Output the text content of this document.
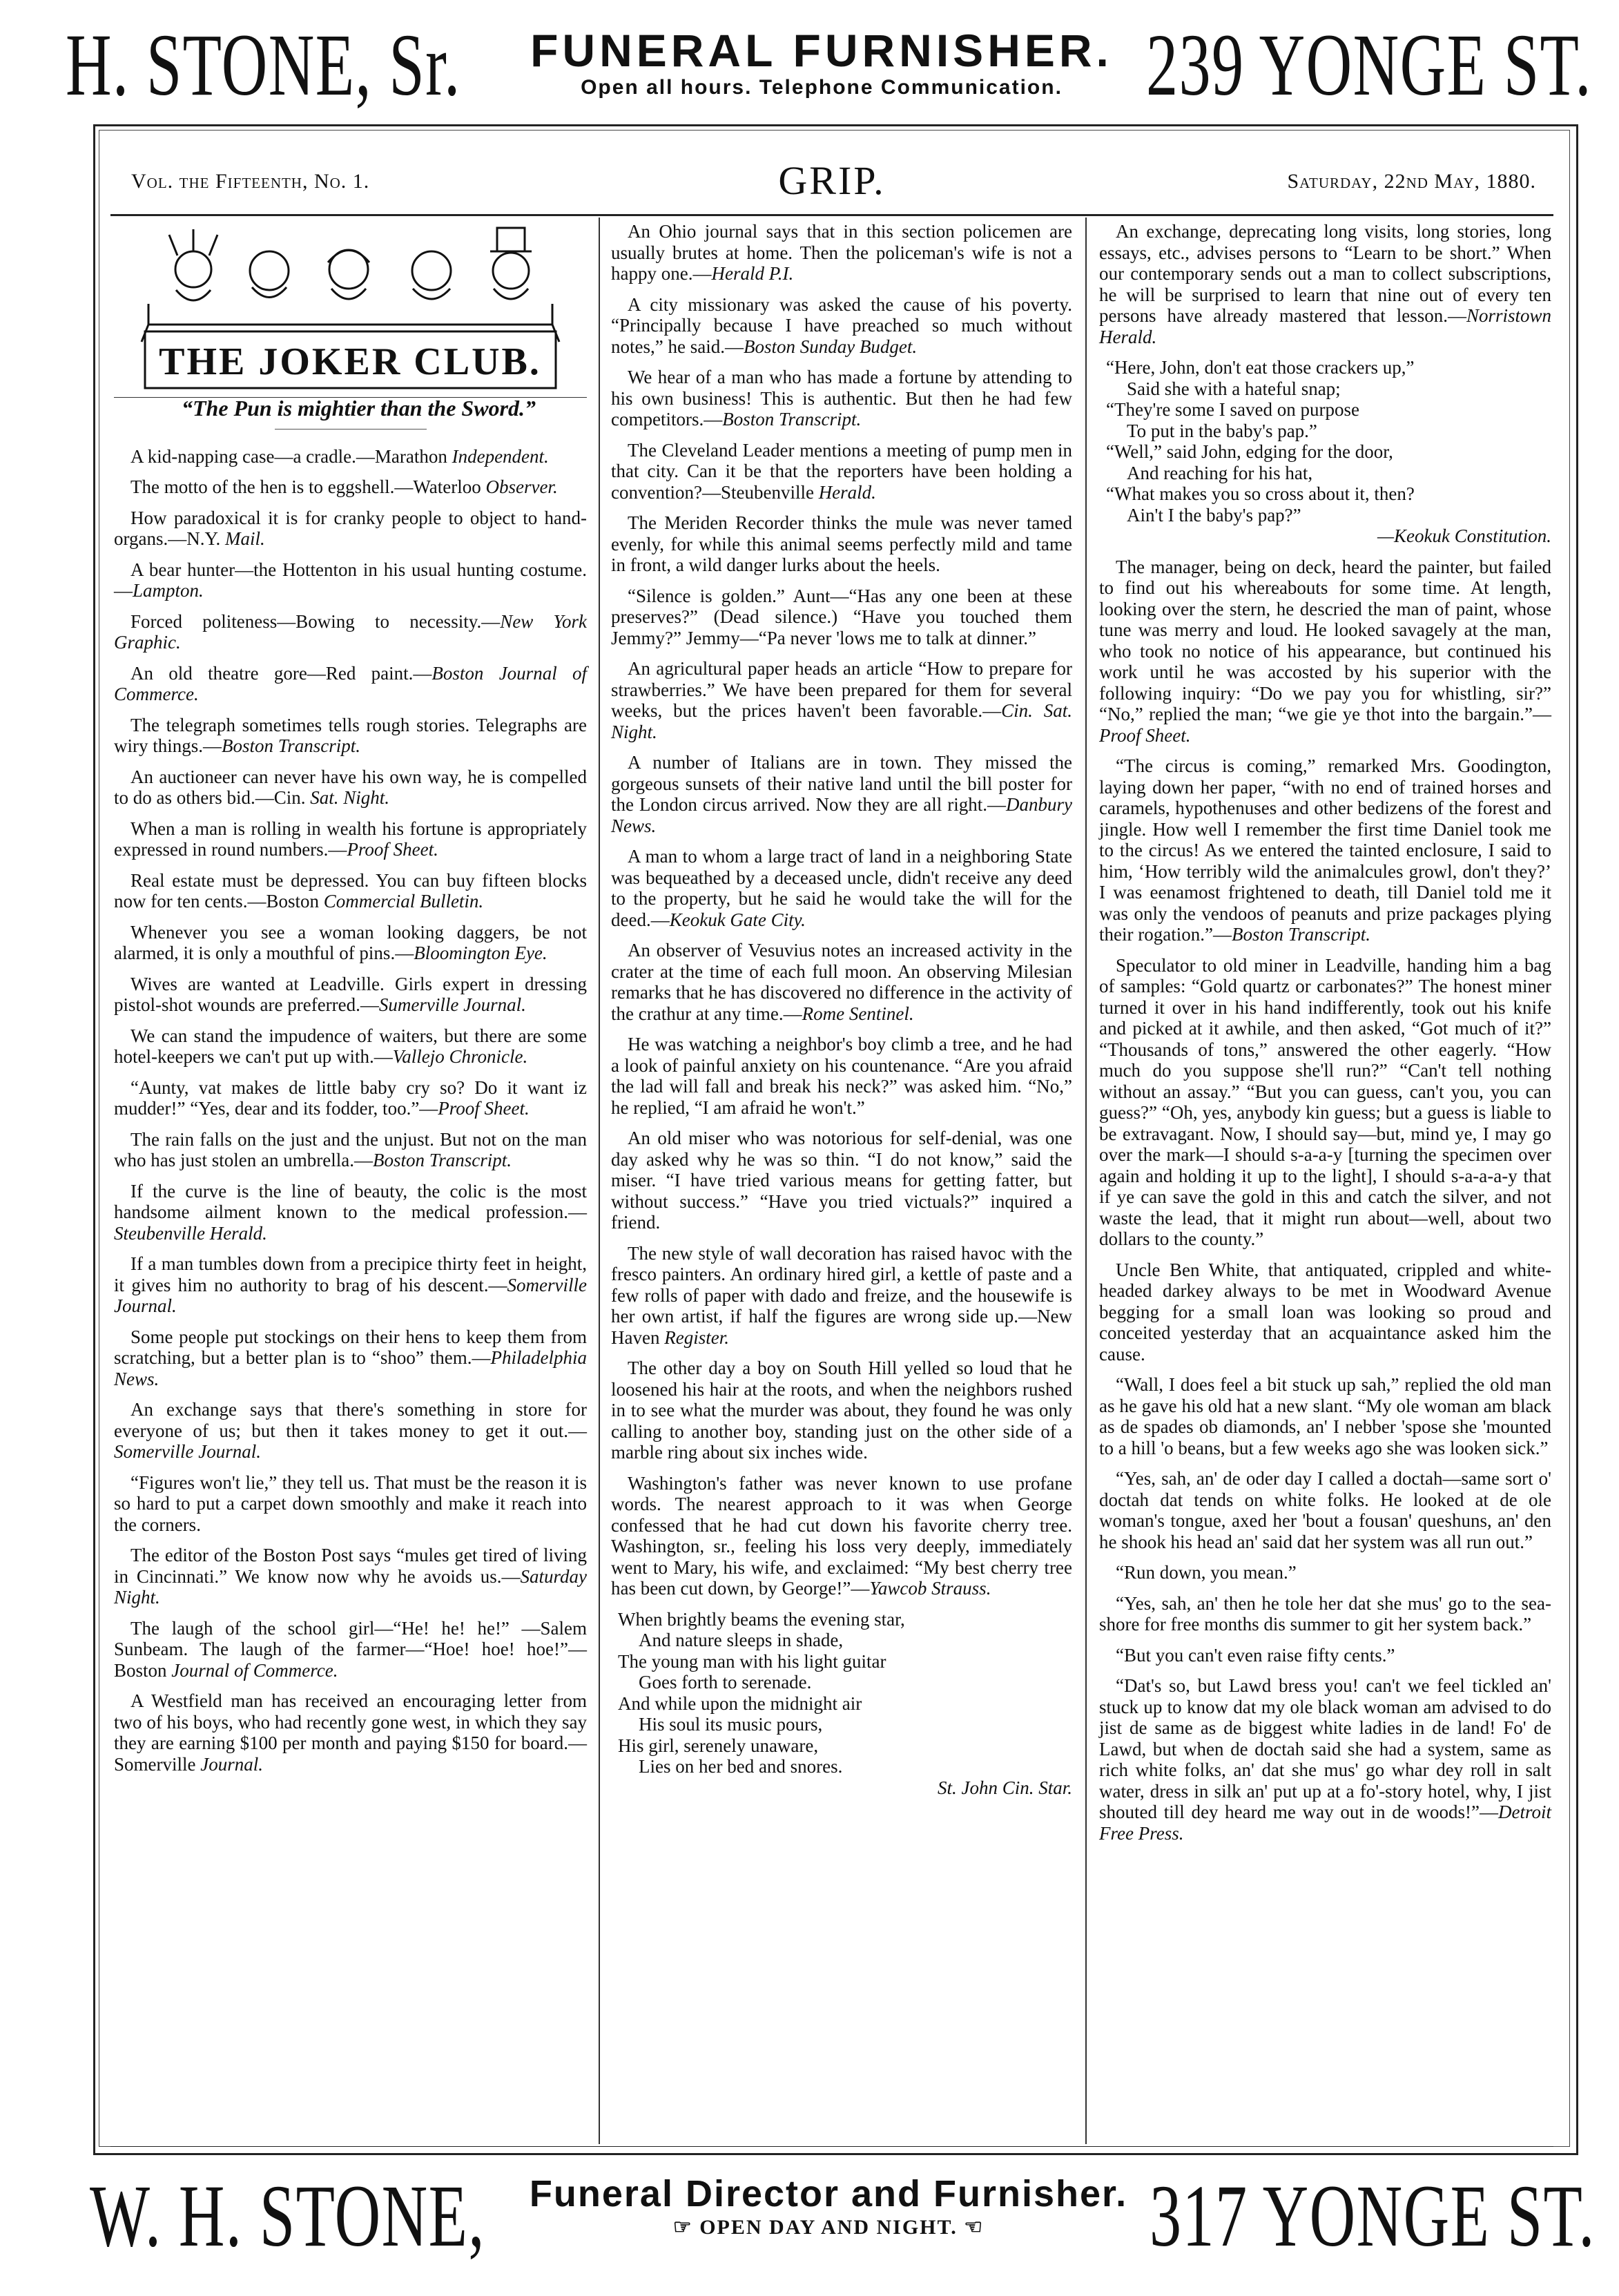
H. STONE, Sr.	FUNERAL FURNISHER.
Open all hours. Telephone Communication. 239 YONGE ST.
Vol. the Fifteenth, No. 1.	GRIP.	Saturday, 22nd May, 1880.
THE JOKER CLUB.

“The Pun is mightier than the Sword.”

A kid-napping case—a cradle.—Marathon Independent.

The motto of the hen is to eggshell.—Waterloo Observer.

How paradoxical it is for cranky people to object to hand-organs.—N.Y. Mail.

A bear hunter—the Hottenton in his usual hunting costume.—Lampton.

Forced politeness—Bowing to necessity.—New York Graphic.

An old theatre gore—Red paint.—Boston Journal of Commerce.

The telegraph sometimes tells rough stories. Telegraphs are wiry things.—Boston Transcript.

An auctioneer can never have his own way, he is compelled to do as others bid.—Cin. Sat. Night.

When a man is rolling in wealth his fortune is appropriately expressed in round numbers.—Proof Sheet.

Real estate must be depressed. You can buy fifteen blocks now for ten cents.—Boston Commercial Bulletin.

Whenever you see a woman looking daggers, be not alarmed, it is only a mouthful of pins.—Bloomington Eye.

Wives are wanted at Leadville. Girls expert in dressing pistol-shot wounds are preferred.—Sumerville Journal.

We can stand the impudence of waiters, but there are some hotel-keepers we can't put up with.—Vallejo Chronicle.

“Aunty, vat makes de little baby cry so? Do it want iz mudder!” “Yes, dear and its fodder, too.”—Proof Sheet.

The rain falls on the just and the unjust. But not on the man who has just stolen an umbrella.—Boston Transcript.

If the curve is the line of beauty, the colic is the most handsome ailment known to the medical profession.—Steubenville Herald.

If a man tumbles down from a precipice thirty feet in height, it gives him no authority to brag of his descent.—Somerville Journal.

Some people put stockings on their hens to keep them from scratching, but a better plan is to “shoo” them.—Philadelphia News.

An exchange says that there's something in store for everyone of us; but then it takes money to get it out.—Somerville Journal.

“Figures won't lie,” they tell us. That must be the reason it is so hard to put a carpet down smoothly and make it reach into the corners.

The editor of the Boston Post says “mules get tired of living in Cincinnati.” We know now why he avoids us.—Saturday Night.

The laugh of the school girl—“He! he! he!” —Salem Sunbeam. The laugh of the farmer—“Hoe! hoe! hoe!”—Boston Journal of Commerce.

A Westfield man has received an encouraging letter from two of his boys, who had recently gone west, in which they say they are earning $100 per month and paying $150 for board.—Somerville Journal.

An Ohio journal says that in this section policemen are usually brutes at home. Then the policeman's wife is not a happy one.—Herald P.I.

A city missionary was asked the cause of his poverty. “Principally because I have preached so much without notes,” he said.—Boston Sunday Budget.

We hear of a man who has made a fortune by attending to his own business! This is authentic. But then he had few competitors.—Boston Transcript.

The Cleveland Leader mentions a meeting of pump men in that city. Can it be that the reporters have been holding a convention?—Steubenville Herald.

The Meriden Recorder thinks the mule was never tamed evenly, for while this animal seems perfectly mild and tame in front, a wild danger lurks about the heels.

“Silence is golden.” Aunt—“Has any one been at these preserves?” (Dead silence.) “Have you touched them Jemmy?” Jemmy—“Pa never 'lows me to talk at dinner.”

An agricultural paper heads an article “How to prepare for strawberries.” We have been prepared for them for several weeks, but the prices haven't been favorable.—Cin. Sat. Night.

A number of Italians are in town. They missed the gorgeous sunsets of their native land until the bill poster for the London circus arrived. Now they are all right.—Danbury News.

A man to whom a large tract of land in a neighboring State was bequeathed by a deceased uncle, didn't receive any deed to the property, but he said he would take the will for the deed.—Keokuk Gate City.

An observer of Vesuvius notes an increased activity in the crater at the time of each full moon. An observing Milesian remarks that he has discovered no difference in the activity of the crathur at any time.—Rome Sentinel.

He was watching a neighbor's boy climb a tree, and he had a look of painful anxiety on his countenance. “Are you afraid the lad will fall and break his neck?” was asked him. “No,” he replied, “I am afraid he won't.”

An old miser who was notorious for self-denial, was one day asked why he was so thin. “I do not know,” said the miser. “I have tried various means for getting fatter, but without success.” “Have you tried victuals?” inquired a friend.

The new style of wall decoration has raised havoc with the fresco painters. An ordinary hired girl, a kettle of paste and a few rolls of paper with dado and freize, and the housewife is her own artist, if half the figures are wrong side up.—New Haven Register.

The other day a boy on South Hill yelled so loud that he loosened his hair at the roots, and when the neighbors rushed in to see what the murder was about, they found he was only calling to another boy, standing just on the other side of a marble ring about six inches wide.

Washington's father was never known to use profane words. The nearest approach to it was when George confessed that he had cut down his favorite cherry tree. Washington, sr., feeling his loss very deeply, immediately went to Mary, his wife, and exclaimed: “My best cherry tree has been cut down, by George!”—Yawcob Strauss.

When brightly beams the evening star,

And nature sleeps in shade,

The young man with his light guitar

Goes forth to serenade.

And while upon the midnight air

His soul its music pours,

His girl, serenely unaware,

Lies on her bed and snores.

St. John Cin. Star.

An exchange, deprecating long visits, long stories, long essays, etc., advises persons to “Learn to be short.” When our contemporary sends out a man to collect subscriptions, he will be surprised to learn that nine out of every ten persons have already mastered that lesson.—Norristown Herald.

“Here, John, don't eat those crackers up,”

Said she with a hateful snap;

“They're some I saved on purpose

To put in the baby's pap.”

“Well,” said John, edging for the door,

And reaching for his hat,

“What makes you so cross about it, then?

Ain't I the baby's pap?”

—Keokuk Constitution.

The manager, being on deck, heard the painter, but failed to find out his whereabouts for some time. At length, looking over the stern, he descried the man of paint, whose tune was merry and loud. He looked savagely at the man, who took no notice of his appearance, but continued his work until he was accosted by his superior with the following inquiry: “Do we pay you for whistling, sir?” “No,” replied the man; “we gie ye thot into the bargain.”—Proof Sheet.

“The circus is coming,” remarked Mrs. Goodington, laying down her paper, “with no end of trained horses and caramels, hypothenuses and other bedizens of the forest and jingle. How well I remember the first time Daniel took me to the circus! As we entered the tainted enclosure, I said to him, ‘How terribly wild the animalcules growl, don't they?’ I was eenamost frightened to death, till Daniel told me it was only the vendoos of peanuts and prize packages plying their rogation.”—Boston Transcript.

Speculator to old miner in Leadville, handing him a bag of samples: “Gold quartz or carbonates?” The honest miner turned it over in his hand indifferently, took out his knife and picked at it awhile, and then asked, “Got much of it?” “Thousands of tons,” answered the other eagerly. “How much do you suppose she'll run?” “Can't tell nothing without an assay.” “But you can guess, can't you, you can guess?” “Oh, yes, anybody kin guess; but a guess is liable to be extravagant. Now, I should say—but, mind ye, I may go over the mark—I should s-a-a-y [turning the specimen over again and holding it up to the light], I should s-a-a-a-y that if ye can save the gold in this and catch the silver, and not waste the lead, that it might run about—well, about two dollars to the county.”

Uncle Ben White, that antiquated, crippled and white-headed darkey always to be met in Woodward Avenue begging for a small loan was looking so proud and conceited yesterday that an acquaintance asked him the cause.

“Wall, I does feel a bit stuck up sah,” replied the old man as he gave his old hat a new slant. “My ole woman am black as de spades ob diamonds, an' I nebber 'spose she 'mounted to a hill 'o beans, but a few weeks ago she was looken sick.”

“Yes, sah, an' de oder day I called a doctah—same sort o' doctah dat tends on white folks. He looked at de ole woman's tongue, axed her 'bout a fousan' queshuns, an' den he shook his head an' said dat her system was all run out.”

“Run down, you mean.”

“Yes, sah, an' then he tole her dat she mus' go to the sea-shore for free months dis summer to git her system back.”

“But you can't even raise fifty cents.”

“Dat's so, but Lawd bress you! can't we feel tickled an' stuck up to know dat my ole black woman am advised to do jist de same as de biggest white ladies in de land! Fo' de Lawd, but when de doctah said she had a system, same as rich white folks, an' dat she mus' go whar dey roll in salt water, dress in silk an' put up at a fo'-story hotel, why, I jist shouted till dey heard me way out in de woods!”—Detroit Free Press.

W. H. STONE, Funeral Director and Furnisher.
☞ OPEN DAY AND NIGHT. ☜	317 YONGE ST.
